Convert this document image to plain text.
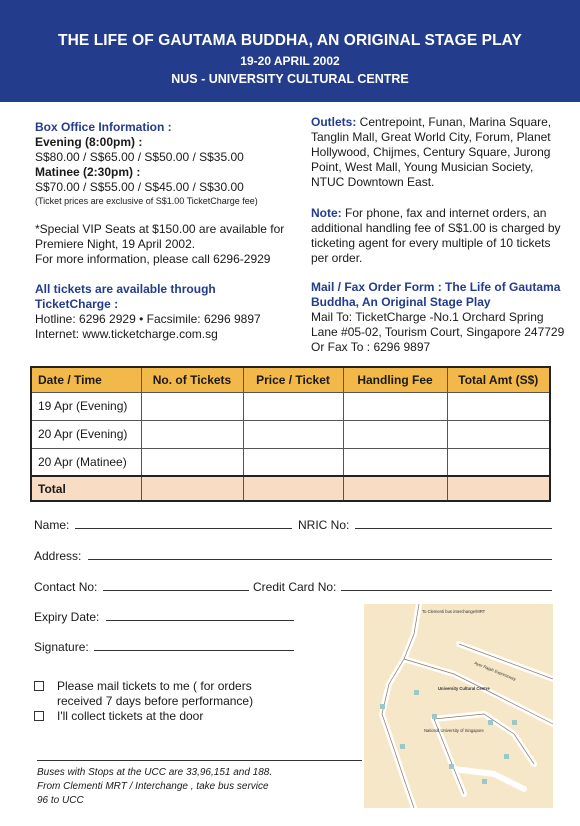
THE LIFE OF GAUTAMA BUDDHA, AN ORIGINAL STAGE PLAY
19-20 APRIL 2002
NUS - UNIVERSITY CULTURAL CENTRE
Box Office Information :
Evening (8:00pm) :
S$80.00 / S$65.00 / S$50.00 / S$35.00
Matinee (2:30pm) :
S$70.00 / S$55.00 / S$45.00 / S$30.00
(Ticket prices are exclusive of S$1.00 TicketCharge fee)
*Special VIP Seats at $150.00 are available for
Premiere Night, 19 April 2002.
For more information, please call 6296-2929
All tickets are available through
TicketCharge :
Hotline: 6296 2929 • Facsimile: 6296 9897
Internet: www.ticketcharge.com.sg
Outlets: Centrepoint, Funan, Marina Square,
Tanglin Mall, Great World City, Forum, Planet
Hollywood, Chijmes, Century Square, Jurong
Point, West Mall, Young Musician Society,
NTUC Downtown East.
Note: For phone, fax and internet orders, an
additional handling fee of S$1.00 is charged by
ticketing agent for every multiple of 10 tickets
per order.
Mail / Fax Order Form : The Life of Gautama
Buddha, An Original Stage Play
Mail To: TicketCharge -No.1 Orchard Spring
Lane #05-02, Tourism Court, Singapore 247729
Or Fax To : 6296 9897
Date / Time	No. of Tickets	Price / Ticket	Handling Fee	Total Amt (S$)
19 Apr (Evening)				
20 Apr (Evening)				
20 Apr (Matinee)				
Total				
Name:	NRIC No:
Address:
Contact No:	Credit Card No:
Expiry Date:
Signature:
Please mail tickets to me ( for orders
received 7 days before performance)
I'll collect tickets at the door
Buses with Stops at the UCC are 33,96,151 and 188.
From Clementi MRT / Interchange , take bus service
96 to UCC
To Clementi bus interchange/MRT
Ayer Rajah Expressway
University Cultural Centre
National University of Singapore
